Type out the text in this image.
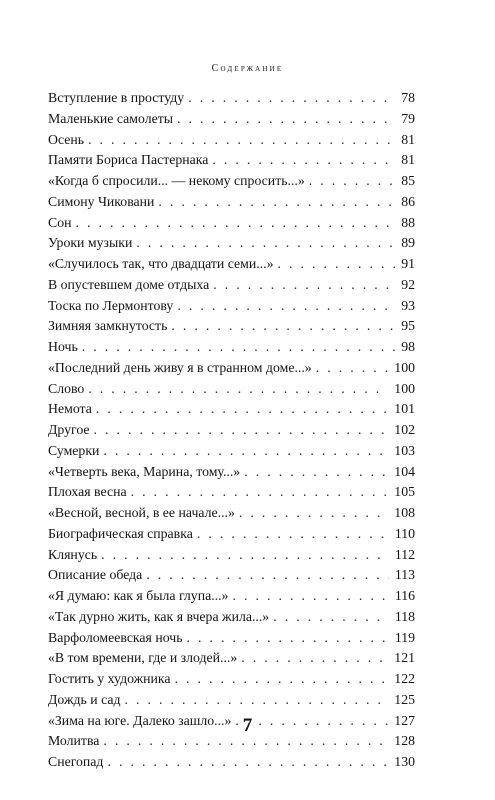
Содержание
Вступление в простуду . . .	78
Маленькие самолеты . . .	79
Осень . . .	81
Памяти Бориса Пастернака . . .	81
«Когда б спросили... — некому спросить...» . . .	85
Симону Чиковани . . .	86
Сон . . .	88
Уроки музыки . . .	89
«Случилось так, что двадцати семи...» . . .	91
В опустевшем доме отдыха . . .	92
Тоска по Лермонтову . . .	93
Зимняя замкнутость . . .	95
Ночь . . .	98
«Последний день живу я в странном доме...» . . .	100
Слово . . .	100
Немота . . .	101
Другое . . .	102
Сумерки . . .	103
«Четверть века, Марина, тому...» . . .	104
Плохая весна . . .	105
«Весной, весной, в ее начале...» . . .	108
Биографическая справка . . .	110
Клянусь . . .	112
Описание обеда . . .	113
«Я думаю: как я была глупа...» . . .	116
«Так дурно жить, как я вчера жила...» . . .	118
Варфоломеевская ночь . . .	119
«В том времени, где и злодей...» . . .	121
Гостить у художника . . .	122
Дождь и сад . . .	125
«Зима на юге. Далеко зашло...» . . .	127
Молитва . . .	128
Снегопад . . .	130
7
